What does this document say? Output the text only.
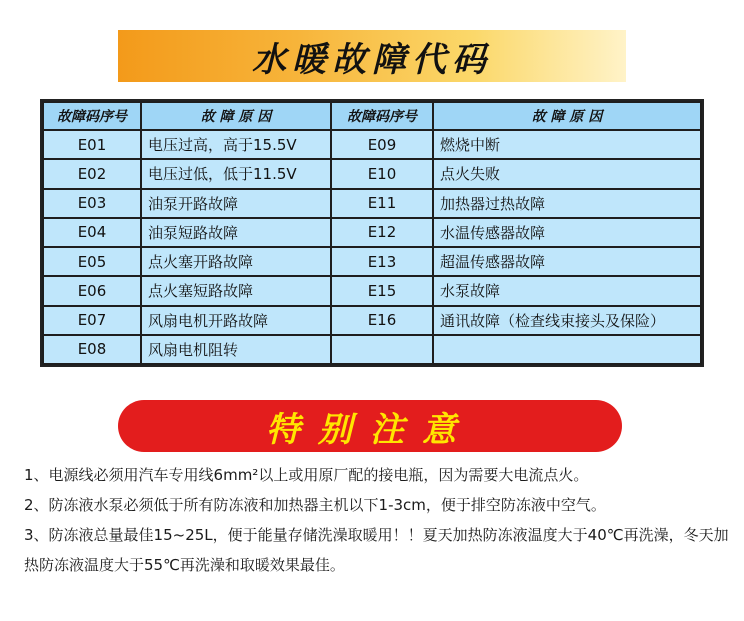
水暖故障代码
故障码序号	故 障 原 因	故障码序号	故 障 原 因
E01	电压过高，高于15.5V	E09	燃烧中断
E02	电压过低，低于11.5V	E10	点火失败
E03	油泵开路故障	E11	加热器过热故障
E04	油泵短路故障	E12	水温传感器故障
E05	点火塞开路故障	E13	超温传感器故障
E06	点火塞短路故障	E15	水泵故障
E07	风扇电机开路故障	E16	通讯故障（检查线束接头及保险）
E08	风扇电机阻转		
特别注意

1、电源线必须用汽车专用线6mm²以上或用原厂配的接电瓶，因为需要大电流点火。

2、防冻液水泵必须低于所有防冻液和加热器主机以下1-3cm，便于排空防冻液中空气。

3、防冻液总量最佳15~25L，便于能量存储洗澡取暖用！！夏天加热防冻液温度大于40℃再洗澡，冬天加热防冻液温度大于55℃再洗澡和取暖效果最佳。
